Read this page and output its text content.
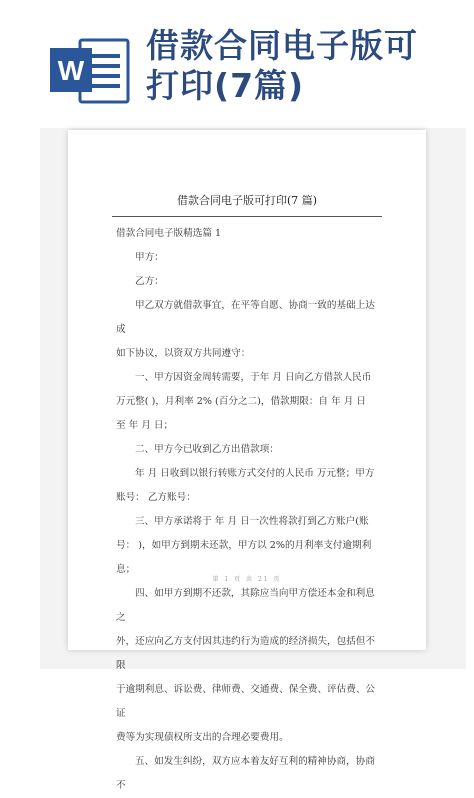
W
借款合同电子版可
打印(7篇)
借款合同电子版可打印(7 篇)

借款合同电子版精选篇 1

甲方：

乙方：

甲乙双方就借款事宜，在平等自愿、协商一致的基础上达成

如下协议，以资双方共同遵守：

一、甲方因资金周转需要，于年 月 日向乙方借款人民币

万元整( )，月利率 2% (百分之二)，借款期限：自 年 月 日

至 年 月 日；

二、甲方今已收到乙方出借款项：

年 月 日收到以银行转账方式交付的人民币 万元整；甲方

账号： 乙方账号：

三、甲方承诺将于 年 月 日一次性将款打到乙方账户(账

号： )，如甲方到期未还款，甲方以 2%的月利率支付逾期利息；

四、如甲方到期不还款，其除应当向甲方偿还本金和利息之

外，还应向乙方支付因其违约行为造成的经济损失，包括但不限

于逾期利息、诉讼费、律师费、交通费、保全费、评估费、公证

费等为实现债权所支出的合理必要费用。

五、如发生纠纷，双方应本着友好互利的精神协商，协商不

第 1 页 共 21 页
